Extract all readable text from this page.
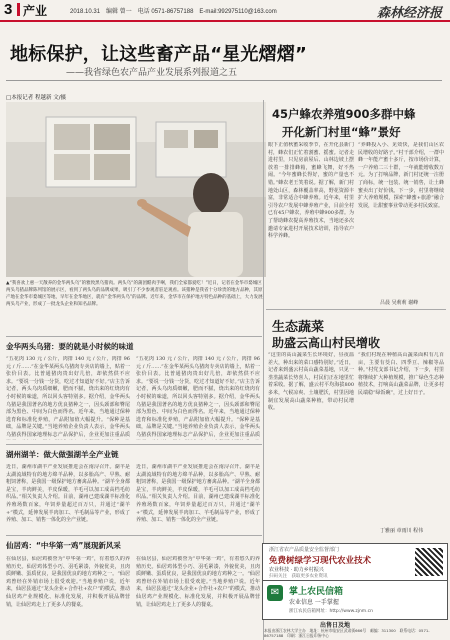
3 产业	2018.10.31　编辑 曾一　电话 0571-86757188　E-mail:992975110@163.com	森林经济报
地标保护，让这些畜产品“星光熠熠”
——我省绿色农产品产业发展系列报道之五
□本报记者 程越新 文/摄
▲“我喜欢上惠一天散养的金华两头乌”的雅致黑乌猪肉。两头乌“的蒲团酷肉手啊，我们全家都爱吃！”近日，记者在金华市婺城区两头乌猪品牌陈列馆的展示区，看到了两头乌的品牌成果，吸引了不少参观者驻足观看。该猪种是我省十分珍贵的地方品种，其原产地在金华市婺城区等地，早年在金华地区，就有“金华两头乌”的品牌。近年来，金华市在保护地方特色品种的基础上，大力发展两头乌产业，形成了一批龙头企业和知名品牌。
金华两头乌猪：要的就是小时候的味道
“五花肉 130 元 / 公斤，肉排 140 元 / 公斤，肉排 96 元 / 斤……”在金华某两头乌猪肉专卖店的墙上，贴着一张价目表。比普通猪肉贵出好几倍，却依然供不应求。“要说一分钱一分货，吃过才知道好不好。”店主告诉记者，两头乌肉质细嫩，肥而不腻，烧出来的红烧肉有小时候的味道，所以回头客特别多。据介绍，金华两头乌猪是我国著名的地方优良猪种之一，因头颈部和臀尾部为黑色、中间为白色而得名。近年来，当地通过保种选育和标准化养殖，产品附加值大幅提升。“保种是基础，品牌是关键。”当地养殖企业负责人表示，金华两头乌猪获得国家地理标志产品保护后，企业更加注重品质
“五花肉 130 元 / 公斤，肉排 140 元 / 公斤，肉排 96 元 / 斤……”在金华某两头乌猪肉专卖店的墙上，贴着一张价目表。比普通猪肉贵出好几倍，却依然供不应求。“要说一分钱一分货，吃过才知道好不好。”店主告诉记者，两头乌肉质细嫩，肥而不腻，烧出来的红烧肉有小时候的味道，所以回头客特别多。据介绍，金华两头乌猪是我国著名的地方优良猪种之一，因头颈部和臀尾部为黑色、中间为白色而得名。近年来，当地通过保种选育和标准化养殖，产品附加值大幅提升。“保种是基础，品牌是关键。”当地养殖企业负责人表示，金华两头乌猪获得国家地理标志产品保护后，企业更加注重品质
湖州湖羊：做大做强湖羊全产业链
近日，湖州市湖羊产业发展推进会在南浔召开。湖羊是太湖流域特有的地方绵羊品种，以多胎高产、早熟、耐粗饲著称，是我国一级保护地方畜禽品种。“湖羊全身都是宝，羊肉鲜美，羊皮保暖，羊毛可以加工成高档毛纺织品。”相关负责人介绍。目前，湖州已建成湖羊标准化养殖场数百家，年饲养量超过百万只，并通过“湖羊+”模式，延伸发展羊肉加工、羊毛制品等产业，形成了养殖、加工、销售一体化的全产业链。
近日，湖州市湖羊产业发展推进会在南浔召开。湖羊是太湖流域特有的地方绵羊品种，以多胎高产、早熟、耐粗饲著称，是我国一级保护地方畜禽品种。“湖羊全身都是宝，羊肉鲜美，羊皮保暖，羊毛可以加工成高档毛纺织品。”相关负责人介绍。目前，湖州已建成湖羊标准化养殖场数百家，年饲养量超过百万只，并通过“湖羊+”模式，延伸发展羊肉加工、羊毛制品等产业，形成了养殖、加工、销售一体化的全产业链。
仙居鸡：“中华第一鸡”展现新风采
在仙居县，仙居鸡被誉为“中华第一鸡”，有着悠久的养殖历史。仙居鸡体型小巧、羽毛紧凑，外貌优美，且肉质鲜嫩、蛋质优良，是我国优良的地方鸡种之一。“仙居鸡曾经在外销市场上很受欢迎。”当地养殖户说。近年来，仙居县通过“龙头企业+合作社+农户”的模式，推动仙居鸡产业规模化、标准化发展，并积极开展品牌营销，让仙居鸡走上了更多人的餐桌。
在仙居县，仙居鸡被誉为“中华第一鸡”，有着悠久的养殖历史。仙居鸡体型小巧、羽毛紧凑，外貌优美，且肉质鲜嫩、蛋质优良，是我国优良的地方鸡种之一。“仙居鸡曾经在外销市场上很受欢迎。”当地养殖户说。近年来，仙居县通过“龙头企业+合作社+农户”的模式，推动仙居鸡产业规模化、标准化发展，并积极开展品牌营销，让仙居鸡走上了更多人的餐桌。
45户蜂农养殖900多群中蜂
开化新门村里“蜂”景好
眼下正值秋蜜采收季节，在开化县新门村，蜂农们正忙着割蜜、摇蜜。记者走进村里，只见房前屋后、山林边坡上摆放着一排排蜂箱，蜜蜂飞舞，好不热闹。“今年蜜蜂长得好，蜜的产量也不错。”蜂农老王笑着说。据了解，新门村地处山区，森林覆盖率高，野花资源丰富，非常适合中蜂养殖。近年来，村里引导农户发展中蜂养殖产业，目前全村已有45户蜂农，养殖中蜂900多群。为了帮助蜂农提高养殖技术，当地还多次邀请专家进村开展技术培训，指导农户科学养蜂。
“养蜂投入小、见效快，是我们山区农民增收的好路子。”村干部介绍，一群中蜂一年能产蜜十多斤，按市场价计算，一户养殖二三十群，一年就能增收数万元。为了打响品牌，新门村还统一注册了商标，统一包装、统一销售，让土蜂蜜卖出了好价钱。下一步，村里将继续扩大养殖规模，探索“蜂蜜+旅游”融合发展，让甜蜜事业带动更多村民致富。
吕晨 吴莉莉 谢峰
生态蔬菜
助盛云高山村民增收
“这里的高山蔬菜生长环境好，昼夜温差大，种出来的菜口感特别好。”近日，记者来到盛云村高山蔬菜基地，只见一垄垄蔬菜长势喜人，村民们正在地里忙着采收。据了解，盛云村平均海拔800多米，气候凉爽、土壤肥沃，村里因地制宜发展高山蔬菜种植，带动村民增收。
“我们村现在种植高山蔬菜面积有几百亩，主要有茭白、四季豆、辣椒等品种。”村党支部书记介绍，下一步，村里将继续扩大种植规模，推广绿色生态种植技术，打响高山蔬菜品牌，让更多村民端稳“绿饭碗”，过上好日子。
丁雅丽 章雨川 程伟
浙江省农产品质量安全监督部门
免费树绿学习现代农业技术
农业科技 · 助力乡村振兴
扫码关注　获取更多农业资讯
✉	掌上农民信箱
农业信息 一手掌握
浙江农民信箱网址：http://www.zjnm.cn
出售日及地
本报由浙江农林大学主办　地址：杭州市临安区武肃街666号　邮编：311300　联系电话：0571-86757188　印刷：浙江日报印务中心
